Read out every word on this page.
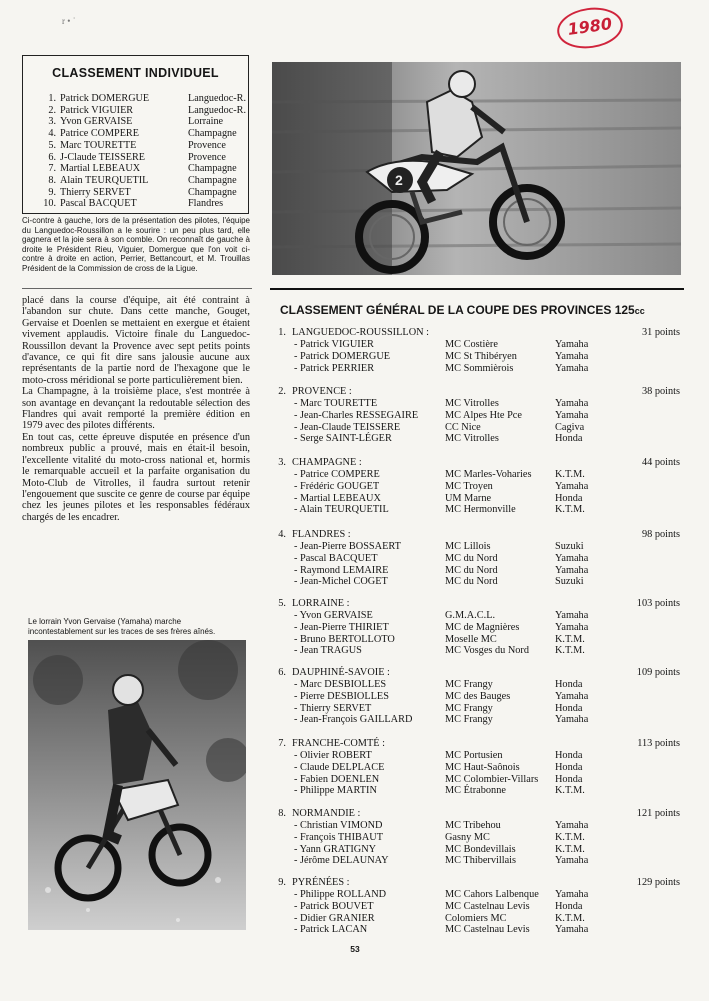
r • ˙	1980
CLASSEMENT INDIVIDUEL
1. Patrick DOMERGUE	Languedoc-R.
2. Patrick VIGUIER	Languedoc-R.
3. Yvon GERVAISE	Lorraine
4. Patrice COMPERE	Champagne
5. Marc TOURETTE	Provence
6. J-Claude TEISSERE	Provence
7. Martial LEBEAUX	Champagne
8. Alain TEURQUETIL	Champagne
9. Thierry SERVET	Champagne
10. Pascal BACQUET	Flandres
Ci-contre à gauche, lors de la présentation des pilotes, l'équipe du Languedoc-Roussillon a le sourire : un peu plus tard, elle gagnera et la joie sera à son comble. On reconnaît de gauche à droite le Président Rieu, Viguier, Domergue que l'on voit ci-contre à droite en action, Perrier, Bettancourt, et M. Trouillas Président de la Commission de cross de la Ligue.
2

placé dans la course d'équipe, ait été contraint à l'abandon sur chute. Dans cette manche, Gouget, Gervaise et Doenlen se mettaient en exergue et étaient vivement applaudis. Victoire finale du Languedoc-Roussillon devant la Provence avec sept petits points d'avance, ce qui fit dire sans jalousie aucune aux représentants de la partie nord de l'hexagone que le moto-cross méridional se porte particulièrement bien.

La Champagne, à la troisième place, s'est montrée à son avantage en devançant la redoutable sélection des Flandres qui avait remporté la première édition en 1979 avec des pilotes différents.

En tout cas, cette épreuve disputée en présence d'un nombreux public a prouvé, mais en était-il besoin, l'excellente vitalité du moto-cross national et, hormis le remarquable accueil et la parfaite organisation du Moto-Club de Vitrolles, il faudra surtout retenir l'engouement que suscite ce genre de course par équipe chez les jeunes pilotes et les responsables fédéraux chargés de les encadrer.

Le lorrain Yvon Gervaise (Yamaha) marche incontestablement sur les traces de ses frères aînés.
CLASSEMENT GÉNÉRAL DE LA COUPE DES PROVINCES 125cc
1. LANGUEDOC-ROUSSILLON :	31 points
- Patrick VIGUIER	MC Costière	Yamaha
- Patrick DOMERGUE	MC St Thibéryen	Yamaha
- Patrick PERRIER	MC Sommièrois	Yamaha
2. PROVENCE :	38 points
- Marc TOURETTE	MC Vitrolles	Yamaha
- Jean-Charles RESSEGAIRE	MC Alpes Hte Pce	Yamaha
- Jean-Claude TEISSERE	CC Nice	Cagiva
- Serge SAINT-LÉGER	MC Vitrolles	Honda
3. CHAMPAGNE :	44 points
- Patrice COMPERE	MC Marles-Voharies K.T.M.
- Frédéric GOUGET	MC Troyen	Yamaha
- Martial LEBEAUX	UM Marne	Honda
- Alain TEURQUETIL	MC Hermonville	K.T.M.
4. FLANDRES :	98 points
- Jean-Pierre BOSSAERT	MC Lillois	Suzuki
- Pascal BACQUET	MC du Nord	Yamaha
- Raymond LEMAIRE	MC du Nord	Yamaha
- Jean-Michel COGET	MC du Nord	Suzuki
5. LORRAINE :	103 points
- Yvon GERVAISE	G.M.A.C.L.	Yamaha
- Jean-Pierre THIRIET	MC de Magnières	Yamaha
- Bruno BERTOLLOTO	Moselle MC	K.T.M.
- Jean TRAGUS	MC Vosges du Nord	K.T.M.
6. DAUPHINÉ-SAVOIE :	109 points
- Marc DESBIOLLES	MC Frangy	Honda
- Pierre DESBIOLLES	MC des Bauges	Yamaha
- Thierry SERVET	MC Frangy	Honda
- Jean-François GAILLARD	MC Frangy	Yamaha
7. FRANCHE-COMTÉ :	113 points
- Olivier ROBERT	MC Portusien	Honda
- Claude DELPLACE	MC Haut-Saônois	Honda
- Fabien DOENLEN	MC Colombier-Villars Honda
- Philippe MARTIN	MC Étrabonne	K.T.M.
8. NORMANDIE :	121 points
- Christian VIMOND	MC Tribehou	Yamaha
- François THIBAUT	Gasny MC	K.T.M.
- Yann GRATIGNY	MC Bondevillais	K.T.M.
- Jérôme DELAUNAY	MC Thibervillais	Yamaha
9. PYRÉNÉES :	129 points
- Philippe ROLLAND	MC Cahors Lalbenque Yamaha
- Patrick BOUVET	MC Castelnau Levis Honda
- Didier GRANIER	Colomiers MC	K.T.M.
- Patrick LACAN	MC Castelnau Levis Yamaha
53
